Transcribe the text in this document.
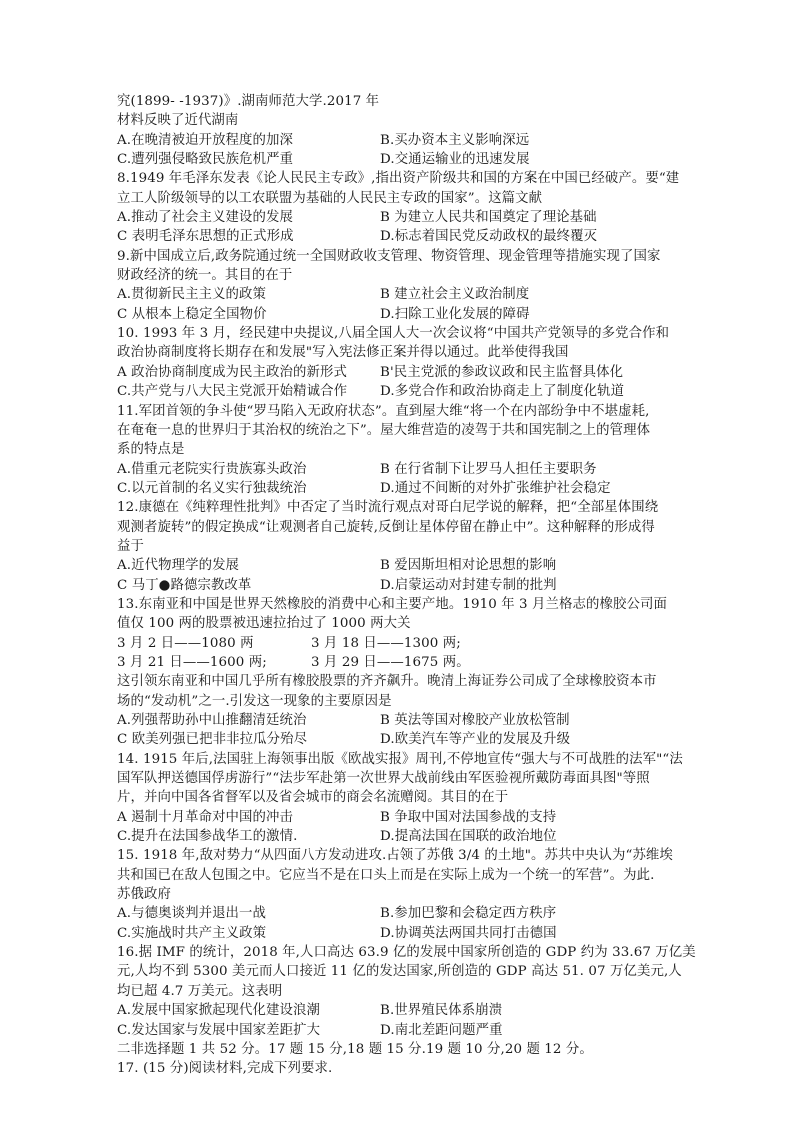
究(1899- -1937)》.湖南师范大学.2017 年
材料反映了近代湖南
A.在晚清被迫开放程度的加深	B.买办资本主义影响深远
C.遭列强侵略致民族危机严重	D.交通运输业的迅速发展
8.1949 年毛泽东发表《论人民民主专政》,指出资产阶级共和国的方案在中国已经破产。要“建
立工人阶级领导的以工农联盟为基础的人民民主专政的国家”。这篇文献
A.推动了社会主义建设的发展	B 为建立人民共和国奠定了理论基础
C 表明毛泽东思想的正式形成	D.标志着国民党反动政权的最终覆灭
9.新中国成立后,政务院通过统一全国财政收支管理、物资管理、现金管理等措施实现了国家
财政经济的统一。其目的在于
A.贯彻新民主主义的政策	B 建立社会主义政治制度
C 从根本上稳定全国物价	D.扫除工业化发展的障碍
10. 1993 年 3 月，经民建中央提议,八届全国人大一次会议将“中国共产党领导的多党合作和
政治协商制度将长期存在和发展"写入宪法修正案并得以通过。此举使得我国
A 政治协商制度成为民主政治的新形式	B'民主党派的参政议政和民主监督具体化
C.共产党与八大民主党派开始精诚合作	D.多党合作和政治协商走上了制度化轨道
11.军团首领的争斗使“罗马陷入无政府状态”。直到屋大维“将一个在内部纷争中不堪虚耗,
在奄奄一息的世界归于其治权的统治之下”。屋大维营造的凌驾于共和国宪制之上的管理体
系的特点是
A.借重元老院实行贵族寡头政治	B 在行省制下让罗马人担任主要职务
C.以元首制的名义实行独裁统治	D.通过不间断的对外扩张维护社会稳定
12.康德在《纯粹理性批判》中否定了当时流行观点对哥白尼学说的解释，把“全部星体围绕
观测者旋转”的假定换成“让观测者自己旋转,反倒让星体停留在静止中”。这种解释的形成得
益于
A.近代物理学的发展	B 爱因斯坦相对论思想的影响
C 马丁●路德宗教改革	D.启蒙运动对封建专制的批判
13.东南亚和中国是世界天然橡胶的消费中心和主要产地。1910 年 3 月兰格志的橡胶公司面
值仅 100 两的股票被迅速拉抬过了 1000 两大关
3 月 2 日——1080 两	3 月 18 日——1300 两;
3 月 21 日——1600 两;	3 月 29 日——1675 两。
这引领东南亚和中国几乎所有橡胶股票的齐齐飙升。晚清上海证券公司成了全球橡胶资本市
场的“发动机”之一.引发这一现象的主要原因是
A.列强帮助孙中山推翻清廷统治	B 英法等国对橡胶产业放松管制
C 欧美列强已把非非拉瓜分殆尽	D.欧美汽车等产业的发展及升级
14. 1915 年后,法国驻上海领事出版《欧战实报》周刊,不停地宣传“强大与不可战胜的法军"“法
国军队押送德国俘虏游行”“法步军赴第一次世界大战前线由军医验视所戴防毒面具图"等照
片，并向中国各省督军以及省会城市的商会名流赠阅。其目的在于
A 遏制十月革命对中国的冲击	B 争取中国对法国参战的支持
C.提升在法国参战华工的激情.	D.提高法国在国联的政治地位
15. 1918 年,敌对势力“从四面八方发动进攻.占领了苏俄 3/4 的土地"。苏共中央认为“苏维埃
共和国已在敌人包围之中。它应当不是在口头上而是在实际上成为一个统一的军营”。为此.
苏俄政府
A.与德奥谈判并退出一战	B.参加巴黎和会稳定西方秩序
C.实施战时共产主义政策	D.协调英法两国共同打击德国
16.据 IMF 的统计，2018 年,人口高达 63.9 亿的发展中国家所创造的 GDP 约为 33.67 万亿美
元,人均不到 5300 美元而人口接近 11 亿的发达国家,所创造的 GDP 高达 51. 07 万亿美元,人
均已超 4.7 万美元。这表明
A.发展中国家掀起现代化建设浪潮	B.世界殖民体系崩溃
C.发达国家与发展中国家差距扩大	D.南北差距问题严重
二非选择题 1 共 52 分。17 题 15 分,18 题 15 分.19 题 10 分,20 题 12 分。
17. (15 分)阅读材料,完成下列要求.
